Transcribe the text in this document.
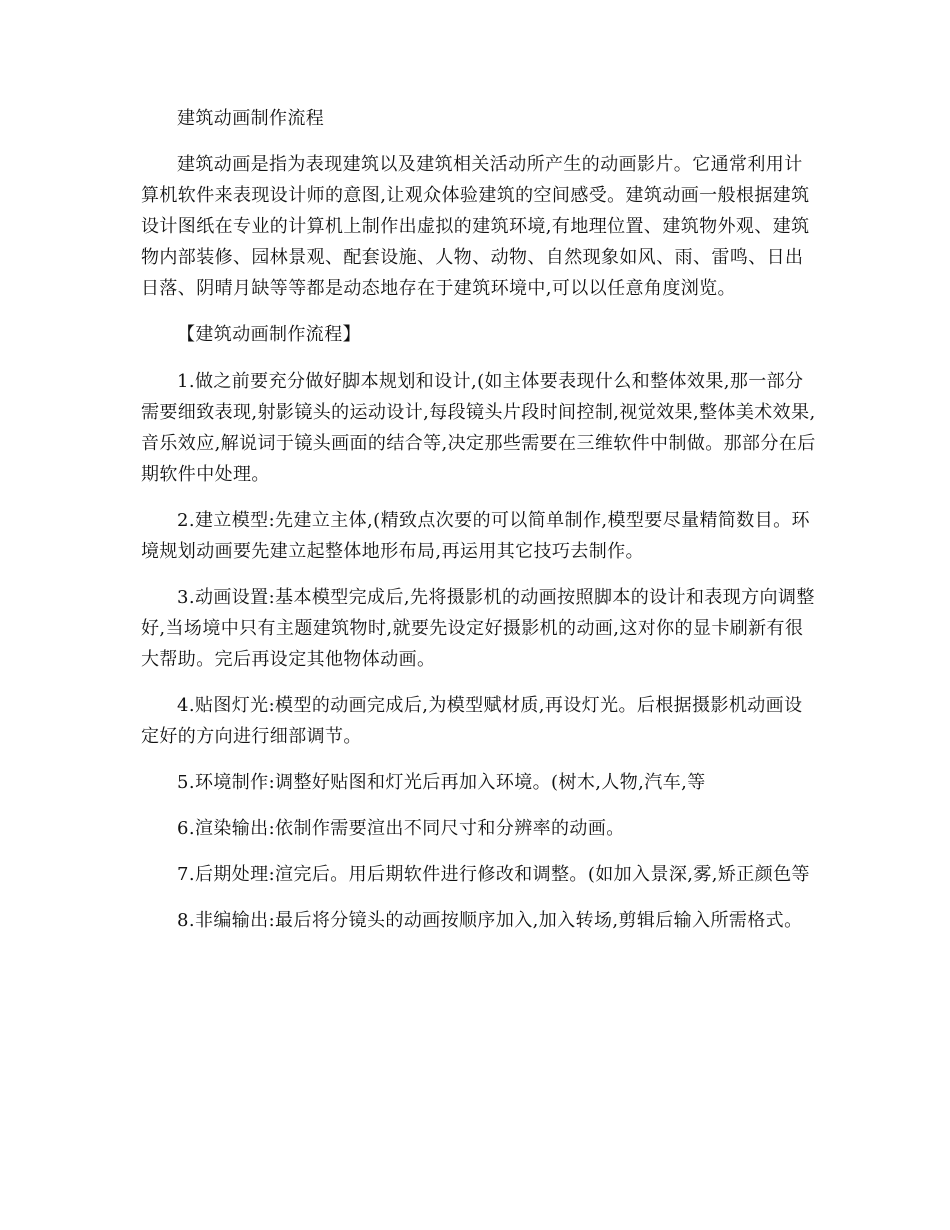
建筑动画制作流程

建筑动画是指为表现建筑以及建筑相关活动所产生的动画影片。它通常利用计算机软件来表现设计师的意图,让观众体验建筑的空间感受。建筑动画一般根据建筑设计图纸在专业的计算机上制作出虚拟的建筑环境,有地理位置、建筑物外观、建筑物内部装修、园林景观、配套设施、人物、动物、自然现象如风、雨、雷鸣、日出日落、阴晴月缺等等都是动态地存在于建筑环境中,可以以任意角度浏览。

【建筑动画制作流程】

1.做之前要充分做好脚本规划和设计,(如主体要表现什么和整体效果,那一部分需要细致表现,射影镜头的运动设计,每段镜头片段时间控制,视觉效果,整体美术效果,音乐效应,解说词于镜头画面的结合等,决定那些需要在三维软件中制做。那部分在后期软件中处理。

2.建立模型:先建立主体,(精致点次要的可以简单制作,模型要尽量精简数目。环境规划动画要先建立起整体地形布局,再运用其它技巧去制作。

3.动画设置:基本模型完成后,先将摄影机的动画按照脚本的设计和表现方向调整好,当场境中只有主题建筑物时,就要先设定好摄影机的动画,这对你的显卡刷新有很大帮助。完后再设定其他物体动画。

4.贴图灯光:模型的动画完成后,为模型赋材质,再设灯光。后根据摄影机动画设定好的方向进行细部调节。

5.环境制作:调整好贴图和灯光后再加入环境。(树木,人物,汽车,等

6.渲染输出:依制作需要渲出不同尺寸和分辨率的动画。

7.后期处理:渲完后。用后期软件进行修改和调整。(如加入景深,雾,矫正颜色等

8.非编输出:最后将分镜头的动画按顺序加入,加入转场,剪辑后输入所需格式。
